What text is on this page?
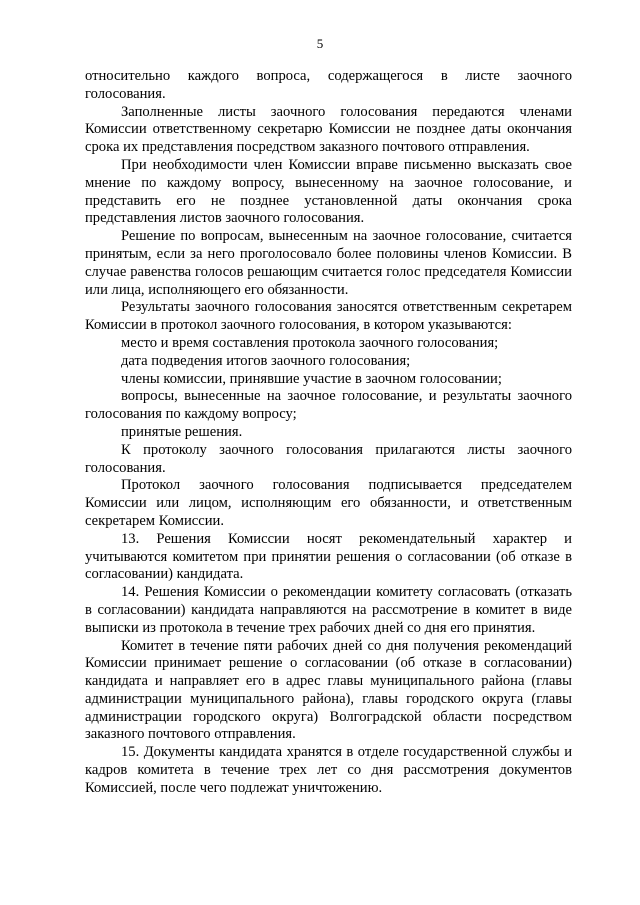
5

относительно каждого вопроса, содержащегося в листе заочного голосования.

Заполненные листы заочного голосования передаются членами Комиссии ответственному секретарю Комиссии не позднее даты окончания срока их представления посредством заказного почтового отправления.

При необходимости член Комиссии вправе письменно высказать свое мнение по каждому вопросу, вынесенному на заочное голосование, и представить его не позднее установленной даты окончания срока представления листов заочного голосования.

Решение по вопросам, вынесенным на заочное голосование, считается принятым, если за него проголосовало более половины членов Комиссии. В случае равенства голосов решающим считается голос председателя Комиссии или лица, исполняющего его обязанности.

Результаты заочного голосования заносятся ответственным секретарем Комиссии в протокол заочного голосования, в котором указываются:

место и время составления протокола заочного голосования;

дата подведения итогов заочного голосования;

члены комиссии, принявшие участие в заочном голосовании;

вопросы, вынесенные на заочное голосование, и результаты заочного голосования по каждому вопросу;

принятые решения.

К протоколу заочного голосования прилагаются листы заочного голосования.

Протокол заочного голосования подписывается председателем Комиссии или лицом, исполняющим его обязанности, и ответственным секретарем Комиссии.

13. Решения Комиссии носят рекомендательный характер и учитываются комитетом при принятии решения о согласовании (об отказе в согласовании) кандидата.

14. Решения Комиссии о рекомендации комитету согласовать (отказать в согласовании) кандидата направляются на рассмотрение в комитет в виде выписки из протокола в течение трех рабочих дней со дня его принятия.

Комитет в течение пяти рабочих дней со дня получения рекомендаций Комиссии принимает решение о согласовании (об отказе в согласовании) кандидата и направляет его в адрес главы муниципального района (главы администрации муниципального района), главы городского округа (главы администрации городского округа) Волгоградской области посредством заказного почтового отправления.

15. Документы кандидата хранятся в отделе государственной службы и кадров комитета в течение трех лет со дня рассмотрения документов Комиссией, после чего подлежат уничтожению.
